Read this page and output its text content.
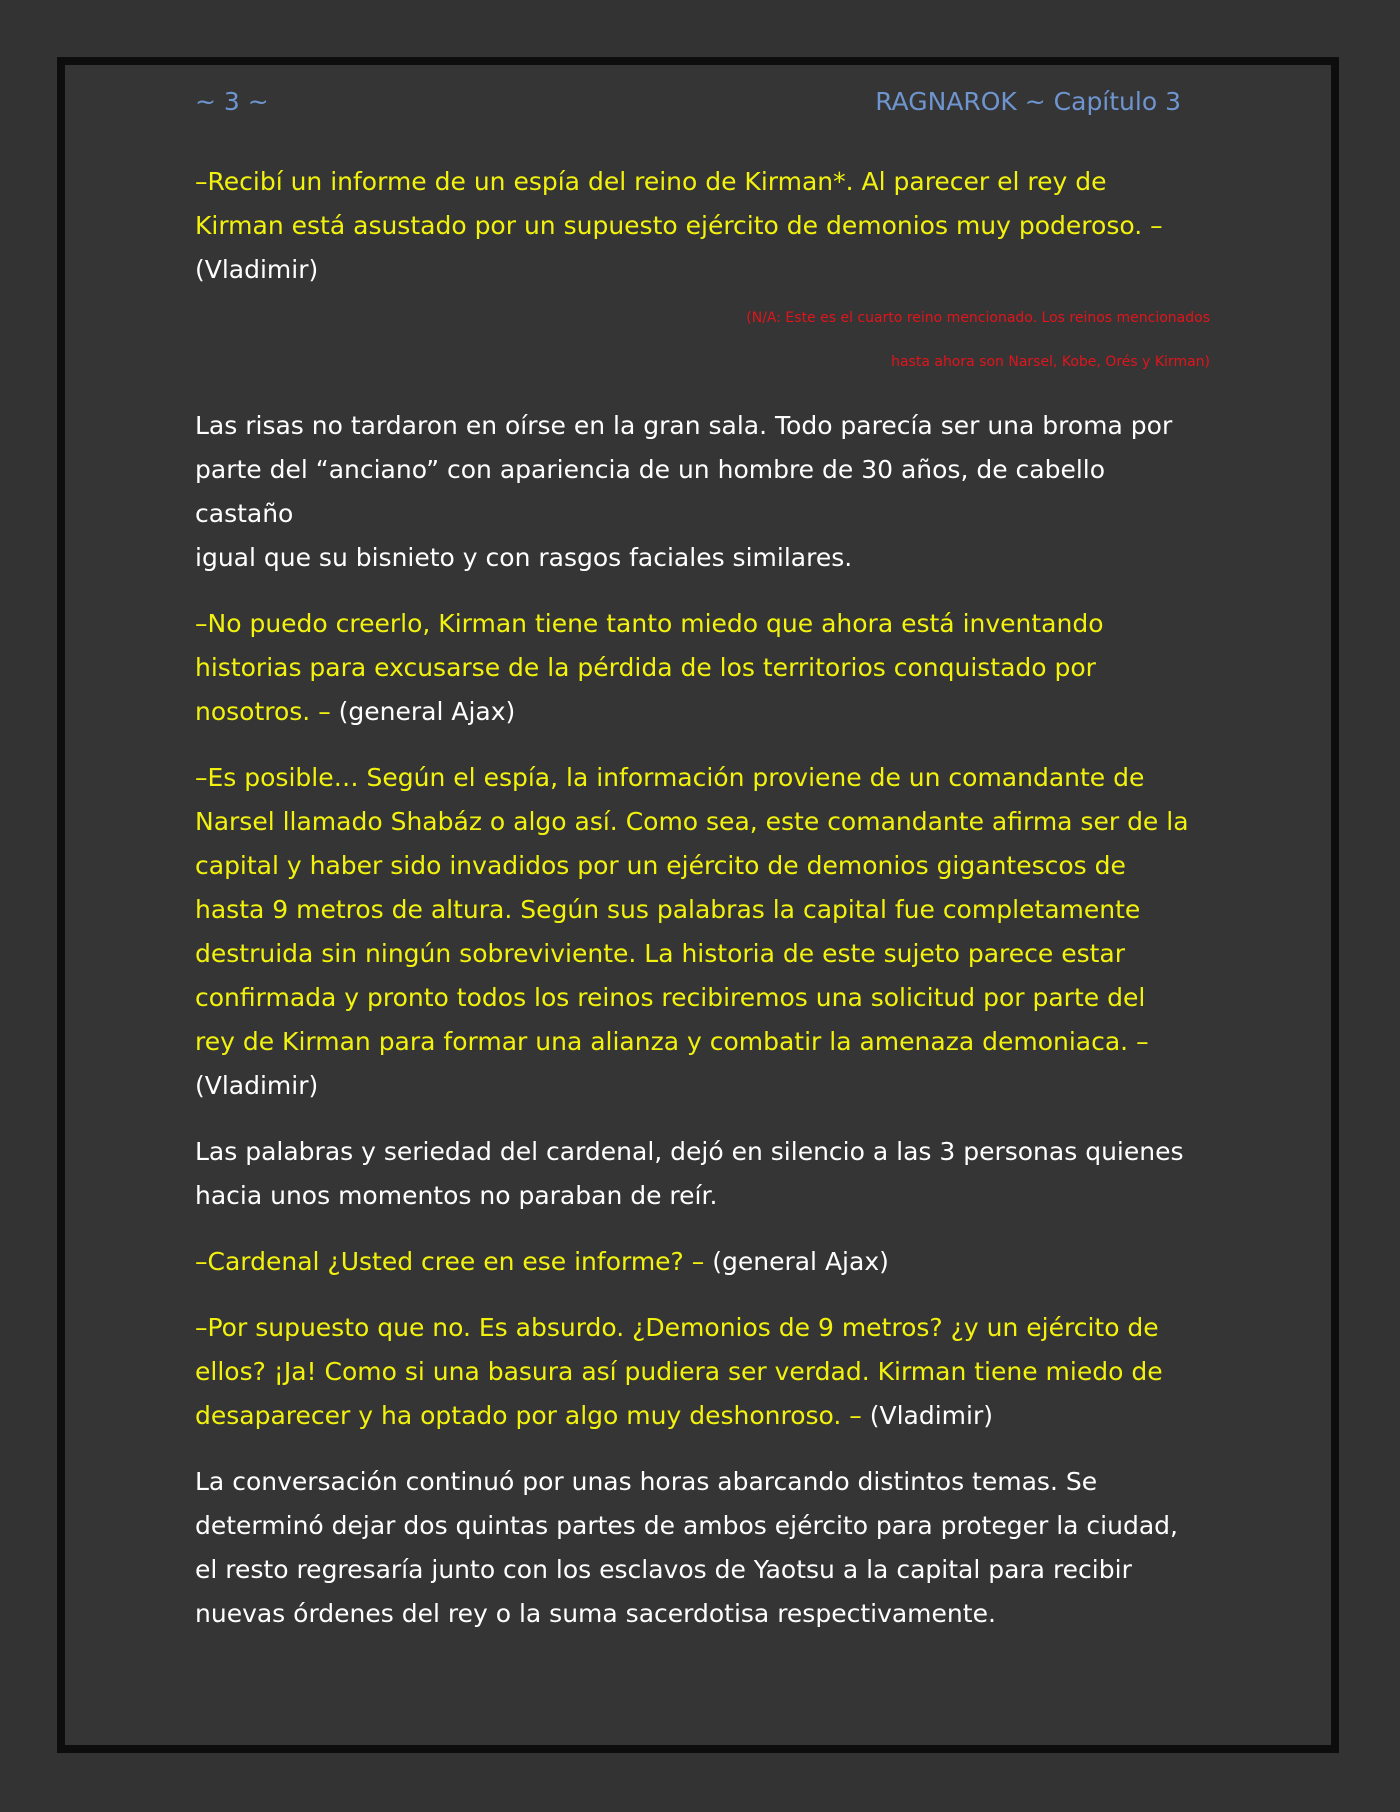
~ 3 ~	RAGNAROK ~ Capítulo 3

–Recibí un informe de un espía del reino de Kirman*. Al parecer el rey de
Kirman está asustado por un supuesto ejército de demonios muy poderoso. –
(Vladimir)

(N/A: Este es el cuarto reino mencionado. Los reinos mencionados
hasta ahora son Narsel, Kobe, Orés y Kirman)

Las risas no tardaron en oírse en la gran sala. Todo parecía ser una broma por
parte del “anciano” con apariencia de un hombre de 30 años, de cabello castaño
igual que su bisnieto y con rasgos faciales similares.

–No puedo creerlo, Kirman tiene tanto miedo que ahora está inventando
historias para excusarse de la pérdida de los territorios conquistado por
nosotros. – (general Ajax)

–Es posible… Según el espía, la información proviene de un comandante de
Narsel llamado Shabáz o algo así. Como sea, este comandante afirma ser de la
capital y haber sido invadidos por un ejército de demonios gigantescos de
hasta 9 metros de altura. Según sus palabras la capital fue completamente
destruida sin ningún sobreviviente. La historia de este sujeto parece estar
confirmada y pronto todos los reinos recibiremos una solicitud por parte del
rey de Kirman para formar una alianza y combatir la amenaza demoniaca. –
(Vladimir)

Las palabras y seriedad del cardenal, dejó en silencio a las 3 personas quienes
hacia unos momentos no paraban de reír.

–Cardenal ¿Usted cree en ese informe? – (general Ajax)

–Por supuesto que no. Es absurdo. ¿Demonios de 9 metros? ¿y un ejército de
ellos? ¡Ja! Como si una basura así pudiera ser verdad. Kirman tiene miedo de
desaparecer y ha optado por algo muy deshonroso. – (Vladimir)

La conversación continuó por unas horas abarcando distintos temas. Se
determinó dejar dos quintas partes de ambos ejército para proteger la ciudad,
el resto regresaría junto con los esclavos de Yaotsu a la capital para recibir
nuevas órdenes del rey o la suma sacerdotisa respectivamente.
